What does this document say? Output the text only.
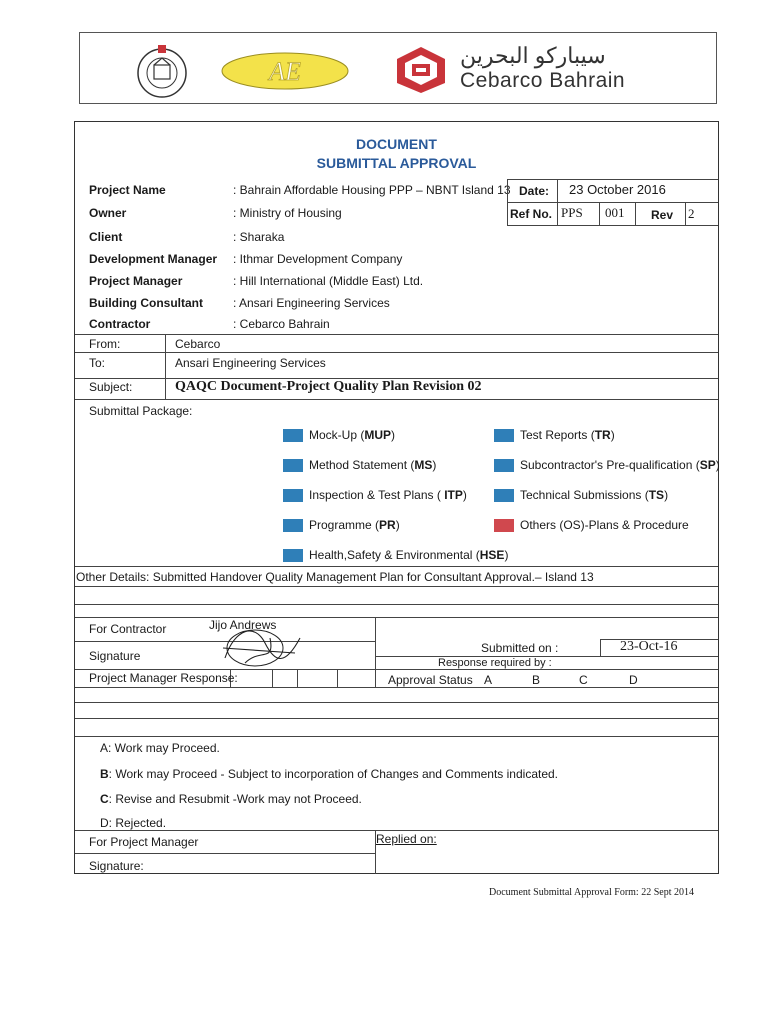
AE
سيباركو البحرين
Cebarco Bahrain
DOCUMENT
SUBMITTAL APPROVAL
Project Name	: Bahrain Affordable Housing PPP – NBNT Island 13
Owner	: Ministry of Housing
Client	: Sharaka
Development Manager : Ithmar Development Company
Project Manager	: Hill International (Middle East) Ltd.
Building Consultant	: Ansari Engineering Services
Contractor	: Cebarco Bahrain
Date: 23 October 2016
Ref No. PPS 001 Rev 2
From:	Cebarco
To:	Ansari Engineering Services
Subject:	QAQC Document-Project Quality Plan Revision 02
Submittal Package:
Mock-Up (MUP)
Method Statement (MS)
Inspection & Test Plans ( ITP)
Programme (PR)
Health,Safety & Environmental (HSE)
Test Reports (TR)
Subcontractor's Pre-qualification (SP)
Technical Submissions (TS)
Others (OS)-Plans & Procedure
Other Details: Submitted Handover Quality Management Plan for Consultant Approval.– Island 13
For Contractor	Jijo Andrews
Signature
Submitted on :	23-Oct-16
Response required by :
Project Manager Response:	Approval Status A	B	C	D
A: Work may Proceed.
B: Work may Proceed - Subject to incorporation of Changes and Comments indicated.
C: Revise and Resubmit -Work may not Proceed.
D: Rejected.
For Project Manager	Replied on:
Signature:
Document Submittal Approval Form: 22 Sept 2014
